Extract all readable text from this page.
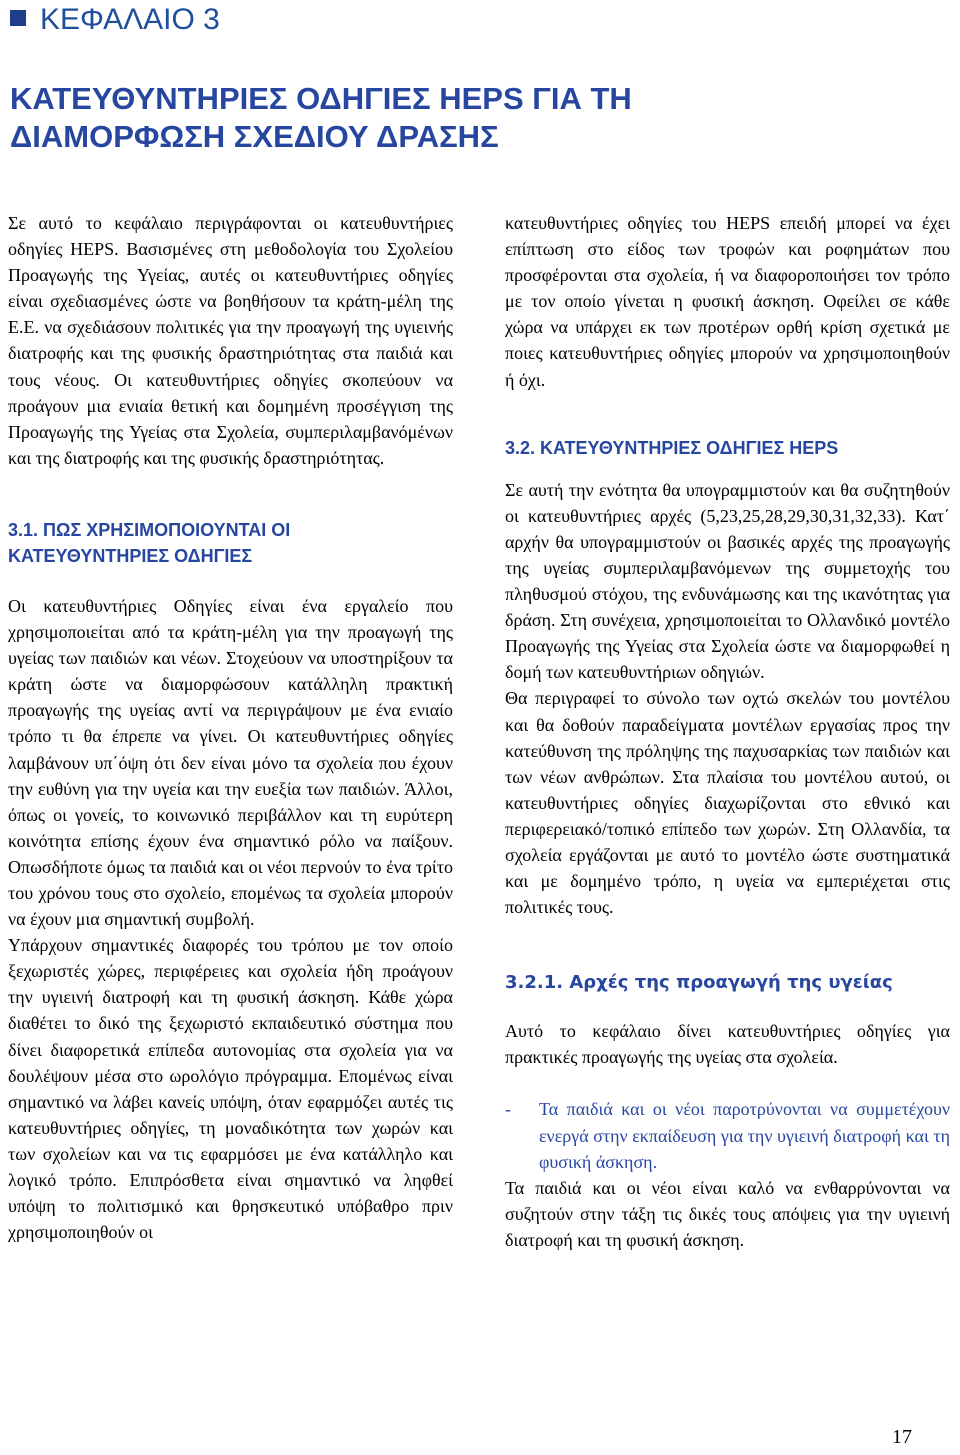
ΚΕΦΑΛΑΙΟ 3
ΚΑΤΕΥΘΥΝΤΗΡΙΕΣ ΟΔΗΓΙΕΣ HEPS ΓΙΑ ΤΗ
ΔΙΑΜΟΡΦΩΣΗ ΣΧΕΔΙΟΥ ΔΡΑΣΗΣ

Σε αυτό το κεφάλαιο περιγράφονται οι κατευθυντήριες οδηγίες HEPS. Βασισμένες στη μεθοδολογία του Σχολείου Προαγωγής της Υγείας, αυτές οι κατευθυντήριες οδηγίες είναι σχεδιασμένες ώστε να βοηθήσουν τα κράτη-μέλη της Ε.Ε. να σχεδιάσουν πολιτικές για την προαγωγή της υγιεινής διατροφής και της φυσικής δραστηριότητας στα παιδιά και τους νέους. Οι κατευθυντήριες οδηγίες σκοπεύουν να προάγουν μια ενιαία θετική και δομημένη προσέγγιση της Προαγωγής της Υγείας στα Σχολεία, συμπεριλαμβανόμένων και της διατροφής και της φυσικής δραστηριότητας.

3.1. ΠΩΣ ΧΡΗΣΙΜΟΠΟΙΟΥΝΤΑΙ ΟΙ
ΚΑΤΕΥΘΥΝΤΗΡΙΕΣ ΟΔΗΓΙΕΣ

Οι κατευθυντήριες Οδηγίες είναι ένα εργαλείο που χρησιμοποιείται από τα κράτη-μέλη για την προαγωγή της υγείας των παιδιών και νέων. Στοχεύουν να υποστηρίξουν τα κράτη ώστε να διαμορφώσουν κατάλληλη πρακτική προαγωγής της υγείας αντί να περιγράψουν με ένα ενιαίο τρόπο τι θα έπρεπε να γίνει. Οι κατευθυντήριες οδηγίες λαμβάνουν υπ΄όψη ότι δεν είναι μόνο τα σχολεία που έχουν την ευθύνη για την υγεία και την ευεξία των παιδιών. Άλλοι, όπως οι γονείς, το κοινωνικό περιβάλλον και τη ευρύτερη κοινότητα επίσης έχουν ένα σημαντικό ρόλο να παίξουν. Οπωσδήποτε όμως τα παιδιά και οι νέοι περνούν το ένα τρίτο του χρόνου τους στο σχολείο, επομένως τα σχολεία μπορούν να έχουν μια σημαντική συμβολή.

Υπάρχουν σημαντικές διαφορές του τρόπου με τον οποίο ξεχωριστές χώρες, περιφέρειες και σχολεία ήδη προάγουν την υγιεινή διατροφή και τη φυσική άσκηση. Κάθε χώρα διαθέτει το δικό της ξεχωριστό εκπαιδευτικό σύστημα που δίνει διαφορετικά επίπεδα αυτονομίας στα σχολεία για να δουλέψουν μέσα στο ωρολόγιο πρόγραμμα. Επομένως είναι σημαντικό να λάβει κανείς υπόψη, όταν εφαρμόζει αυτές τις κατευθυντήριες οδηγίες, τη μοναδικότητα των χωρών και των σχολείων και να τις εφαρμόσει με ένα κατάλληλο και λογικό τρόπο. Επιπρόσθετα είναι σημαντικό να ληφθεί υπόψη το πολιτισμικό και θρησκευτικό υπόβαθρο πριν χρησιμοποιηθούν οι

κατευθυντήριες οδηγίες του HEPS επειδή μπορεί να έχει επίπτωση στο είδος των τροφών και ροφημάτων που προσφέρονται στα σχολεία, ή να διαφοροποιήσει τον τρόπο με τον οποίο γίνεται η φυσική άσκηση. Οφείλει σε κάθε χώρα να υπάρχει εκ των προτέρων ορθή κρίση σχετικά με ποιες κατευθυντήριες οδηγίες μπορούν να χρησιμοποιηθούν ή όχι.

3.2. ΚΑΤΕΥΘΥΝΤΗΡΙΕΣ ΟΔΗΓΙΕΣ HEPS

Σε αυτή την ενότητα θα υπογραμμιστούν και θα συζητηθούν οι κατευθυντήριες αρχές (5,23,25,28,29,30,31,32,33). Κατ΄ αρχήν θα υπογραμμιστούν οι βασικές αρχές της προαγωγής της υγείας συμπεριλαμβανόμενων της συμμετοχής του πληθυσμού στόχου, της ενδυνάμωσης και της ικανότητας για δράση. Στη συνέχεια, χρησιμοποιείται το Ολλανδικό μοντέλο Προαγωγής της Υγείας στα Σχολεία ώστε να διαμορφωθεί η δομή των κατευθυντήριων οδηγιών.

Θα περιγραφεί το σύνολο των οχτώ σκελών του μοντέλου και θα δοθούν παραδείγματα μοντέλων εργασίας προς την κατεύθυνση της πρόληψης της παχυσαρκίας των παιδιών και των νέων ανθρώπων. Στα πλαίσια του μοντέλου αυτού, οι κατευθυντήριες οδηγίες διαχωρίζονται στο εθνικό και περιφερειακό/τοπικό επίπεδο των χωρών. Στη Ολλανδία, τα σχολεία εργάζονται με αυτό το μοντέλο ώστε συστηματικά και με δομημένο τρόπο, η υγεία να εμπεριέχεται στις πολιτικές τους.

3.2.1. Αρχές της προαγωγή της υγείας

Αυτό το κεφάλαιο δίνει κατευθυντήριες οδηγίες για πρακτικές προαγωγής της υγείας στα σχολεία.

-	Τα παιδιά και οι νέοι παροτρύνονται να συμμετέχουν ενεργά στην εκπαίδευση για την υγιεινή διατροφή και τη φυσική άσκηση.

Τα παιδιά και οι νέοι είναι καλό να ενθαρρύνονται να συζητούν στην τάξη τις δικές τους απόψεις για την υγιεινή διατροφή και τη φυσική άσκηση.

17
